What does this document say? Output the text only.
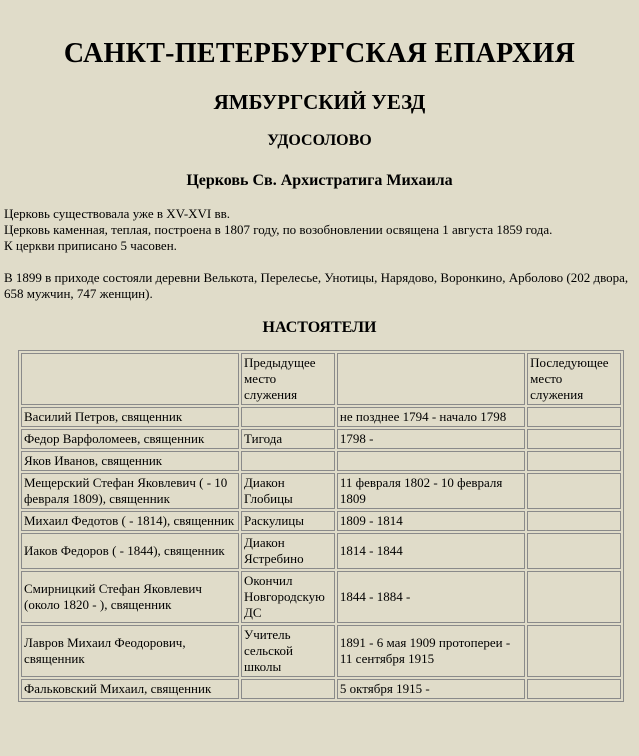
САНКТ-ПЕТЕРБУРГСКАЯ ЕПАРХИЯ
ЯМБУРГСКИЙ УЕЗД
УДОСОЛОВО
Церковь Св. Архистратига Михаила

Церковь существовала уже в XV-XVI вв.
Церковь каменная, теплая, построена в 1807 году, по возобновлении освящена 1 августа 1859 года.
К церкви приписано 5 часовен.

В 1899 в приходе состояли деревни Велькота, Перелесье, Унотицы, Нарядово, Воронкино, Арболово (202 двора, 658 мужчин, 747 женщин).

НАСТОЯТЕЛИ
	Предыдущее место служения		Последующее место служения
Василий Петров, священник		не позднее 1794 - начало 1798	
Федор Варфоломеев, священник	Тигода	1798 -	
Яков Иванов, священник			
Мещерский Стефан Яковлевич ( - 10 февраля 1809), священник	Диакон Глобицы	11 февраля 1802 - 10 февраля 1809	
Михаил Федотов ( - 1814), священник	Раскулицы	1809 - 1814	
Иаков Федоров ( - 1844), священник	Диакон Ястребино	1814 - 1844	
Смирницкий Стефан Яковлевич (около 1820 - ), священник	Окончил Новгородскую ДС	1844 - 1884 -	
Лавров Михаил Феодорович, священник	Учитель сельской школы	1891 - 6 мая 1909 протопереи - 11 сентября 1915	
Фальковский Михаил, священник		5 октября 1915 -	
